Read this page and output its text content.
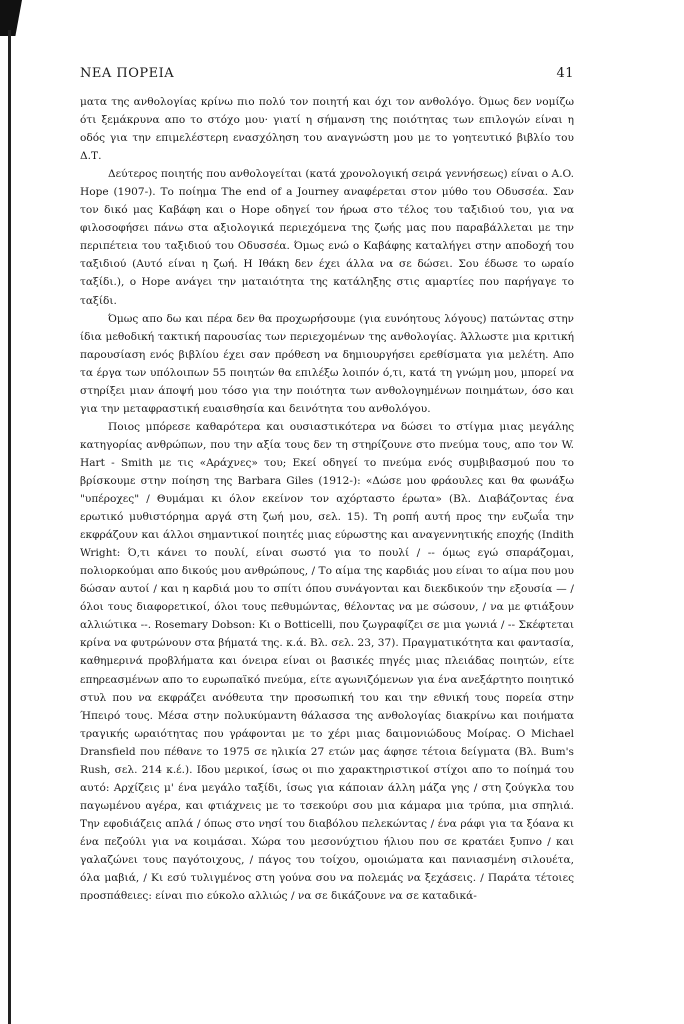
ΝΕΑ ΠΟΡΕΙΑ	41

ματα της ανθολογίας κρίνω πιο πολύ τον ποιητή και όχι τον ανθολόγο. Όμως δεν νομίζω ότι ξεμάκρυνα απο το στόχο μου· γιατί η σήμανση της ποιότητας των επιλογών είναι η οδός για την επιμελέστερη ενασχόληση του αναγνώστη μου με το γοητευτικό βιβλίο του Δ.Τ.

Δεύτερος ποιητής που ανθολογείται (κατά χρονολογική σειρά γεννήσεως) είναι ο A.O. Hope (1907-). Το ποίημα The end of a Journey αναφέρεται στον μύθο του Οδυσσέα. Σαν τον δικό μας Καβάφη και ο Hope οδηγεί τον ήρωα στο τέλος του ταξιδιού του, για να φιλοσοφήσει πάνω στα αξιολογικά περιεχόμενα της ζωής μας που παραβάλλεται με την περιπέτεια του ταξιδιού του Οδυσσέα. Όμως ενώ ο Καβάφης καταλήγει στην αποδοχή του ταξιδιού (Αυτό είναι η ζωή. Η Ιθάκη δεν έχει άλλα να σε δώσει. Σου έδωσε το ωραίο ταξίδι.), ο Hope ανάγει την ματαιότητα της κατάληξης στις αμαρτίες που παρήγαγε το ταξίδι.

Όμως απο δω και πέρα δεν θα προχωρήσουμε (για ευνόητους λόγους) πατώντας στην ίδια μεθοδική τακτική παρουσίας των περιεχομένων της ανθολογίας. Άλλωστε μια κριτική παρουσίαση ενός βιβλίου έχει σαν πρόθεση να δημιουργήσει ερεθίσματα για μελέτη. Απο τα έργα των υπόλοιπων 55 ποιητών θα επιλέξω λοιπόν ό,τι, κατά τη γνώμη μου, μπορεί να στηρίξει μιαν άποψή μου τόσο για την ποιότητα των ανθολογημένων ποιημάτων, όσο και για την μεταφραστική ευαισθησία και δεινότητα του ανθολόγου.

Ποιος μπόρεσε καθαρότερα και ουσιαστικότερα να δώσει το στίγμα μιας μεγάλης κατηγορίας ανθρώπων, που την αξία τους δεν τη στηρίζουνε στο πνεύμα τους, απο τον W. Hart - Smith με τις «Αράχνες» του; Εκεί οδηγεί το πνεύμα ενός συμβιβασμού που το βρίσκουμε στην ποίηση της Barbara Giles (1912-): «Δώσε μου φράουλες και θα φωνάξω "υπέροχες" / Θυμάμαι κι όλον εκείνον τον αχόρταστο έρωτα» (Βλ. Διαβάζοντας ένα ερωτικό μυθιστόρημα αργά στη ζωή μου, σελ. 15). Τη ροπή αυτή προς την ευζωΐα την εκφράζουν και άλλοι σημαντικοί ποιητές μιας εύρωστης και αναγεννητικής εποχής (Indith Wright: Ό,τι κάνει το πουλί, είναι σωστό για το πουλί / -- όμως εγώ σπαράζομαι, πολιορκούμαι απο δικούς μου ανθρώπους, / Το αίμα της καρδιάς μου είναι το αίμα που μου δώσαν αυτοί / και η καρδιά μου το σπίτι όπου συνάγονται και διεκδικούν την εξουσία — / όλοι τους διαφορετικοί, όλοι τους πεθυμώντας, θέλοντας να με σώσουν, / να με φτιάξουν αλλιώτικα --. Rosemary Dobson: Κι ο Botticelli, που ζωγραφίζει σε μια γωνιά / -- Σκέφτεται κρίνα να φυτρώνουν στα βήματά της. κ.ά. Βλ. σελ. 23, 37). Πραγματικότητα και φαντασία, καθημερινά προβλήματα και όνειρα είναι οι βασικές πηγές μιας πλειάδας ποιητών, είτε επηρεασμένων απο το ευρωπαϊκό πνεύμα, είτε αγωνιζόμενων για ένα ανεξάρτητο ποιητικό στυλ που να εκφράζει ανόθευτα την προσωπική του και την εθνική τους πορεία στην Ήπειρό τους. Μέσα στην πολυκύμαντη θάλασσα της ανθολογίας διακρίνω και ποιήματα τραγικής ωραιότητας που γράφονται με το χέρι μιας δαιμονιώδους Μοίρας. Ο Michael Dransfield που πέθανε το 1975 σε ηλικία 27 ετών μας άφησε τέτοια δείγματα (Βλ. Bum's Rush, σελ. 214 κ.έ.). Ιδου μερικοί, ίσως οι πιο χαρακτηριστικοί στίχοι απο το ποίημά του αυτό: Αρχίζεις μ' ένα μεγάλο ταξίδι, ίσως για κάποιαν άλλη μάζα γης / στη ζούγκλα του παγωμένου αγέρα, και φτιάχνεις με το τσεκούρι σου μια κάμαρα μια τρύπα, μια σπηλιά. Την εφοδιάζεις απλά / όπως στο νησί του διαβόλου πελεκώντας / ένα ράφι για τα ξόανα κι ένα πεζούλι για να κοιμάσαι. Χώρα του μεσονύχτιου ήλιου που σε κρατάει ξυπνο / και γαλαζώνει τους παγότοιχους, / πάγος του τοίχου, ομοιώματα και πανιασμένη σιλουέτα, όλα μαβιά, / Κι εσύ τυλιγμένος στη γούνα σου να πολεμάς να ξεχάσεις. / Παράτα τέτοιες προσπάθειες: είναι πιο εύκολο αλλιώς / να σε δικάζουνε να σε καταδικά-
